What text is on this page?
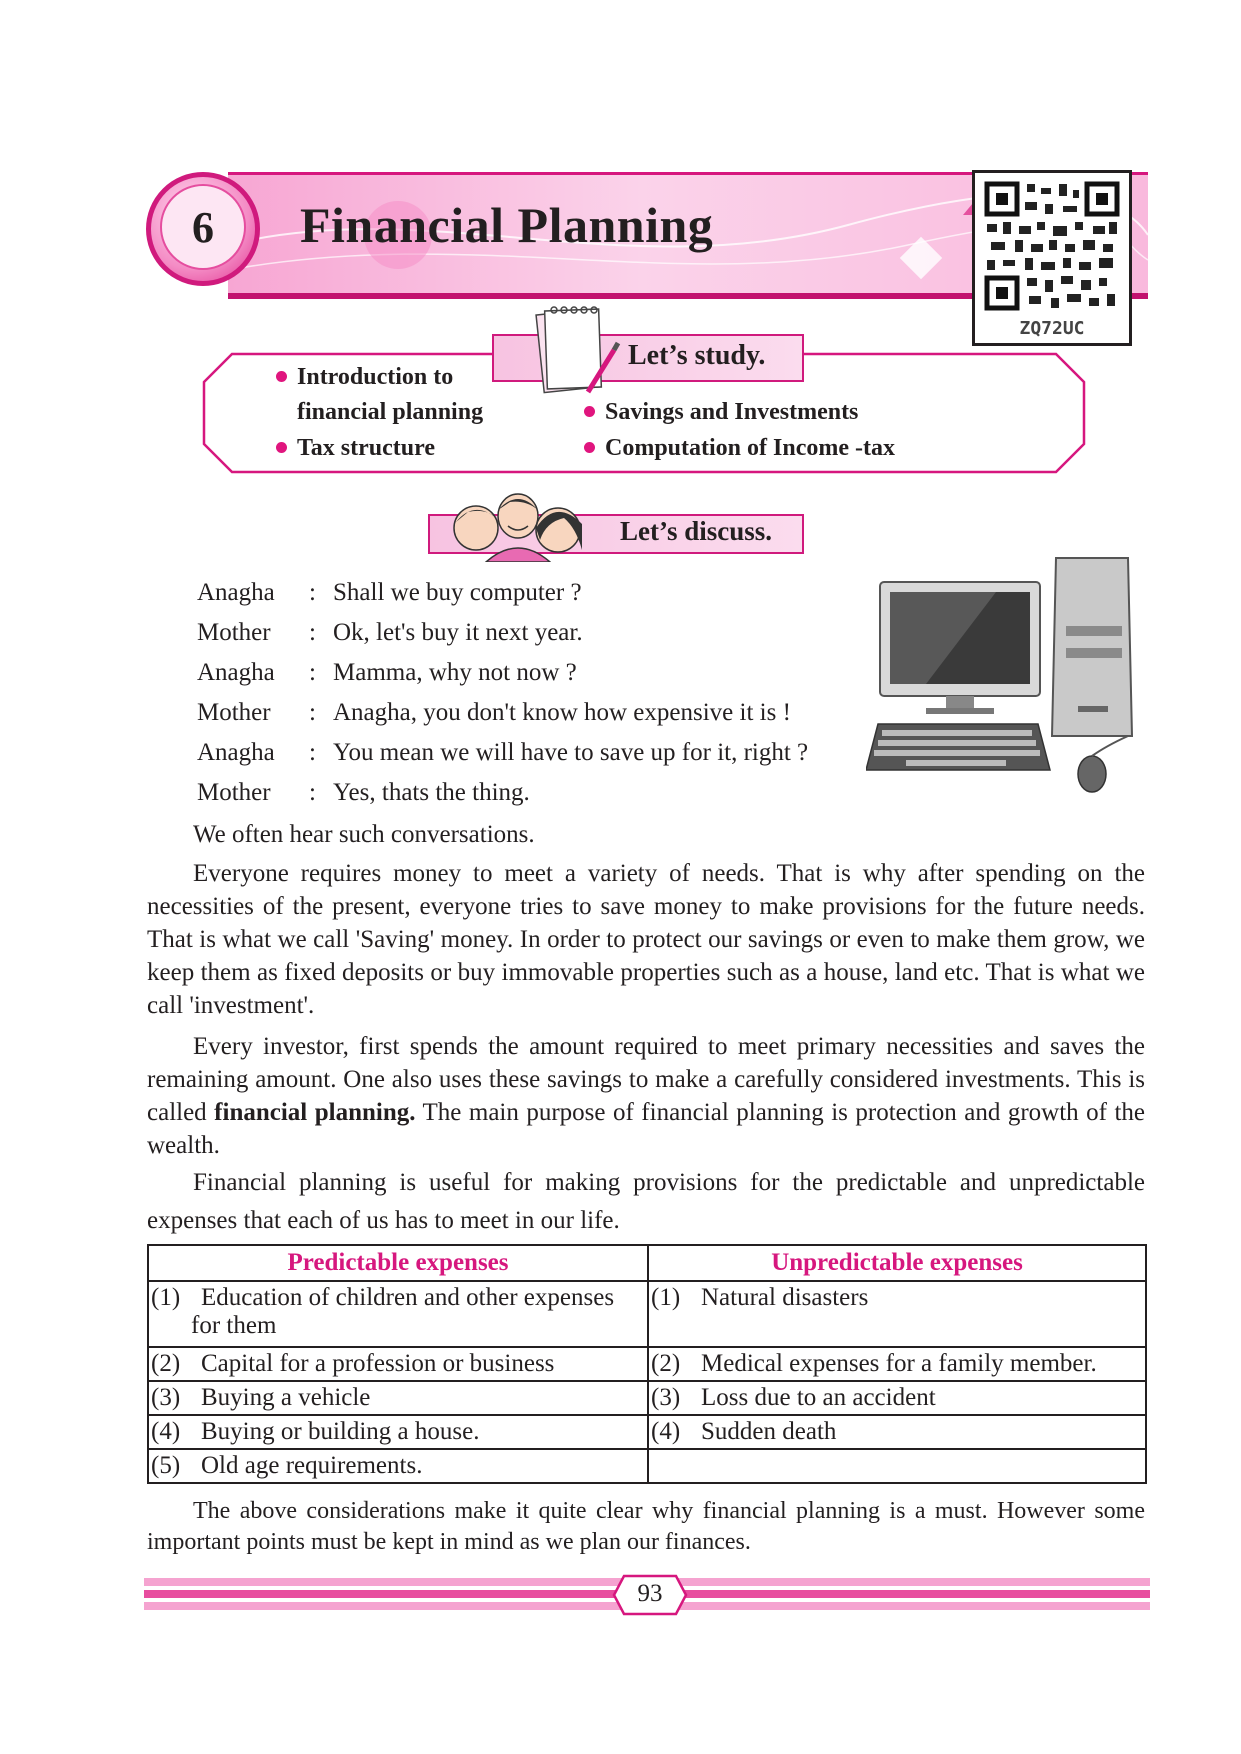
6	Financial Planning
ZQ72UC
Let’s study.
Introduction to
financial planning
Tax structure
Savings and Investments
Computation of Income -tax
Let’s discuss.
Anagha : Shall we buy computer ?
Mother : Ok, let's buy it next year.
Anagha : Mamma, why not now ?
Mother : Anagha, you don't know how expensive it is !
Anagha : You mean we will have to save up for it, right ?
Mother : Yes, thats the thing.
We often hear such conversations.
Everyone requires money to meet a variety of needs. That is why after spending on the necessities of the present, everyone tries to save money to make provisions for the future needs. That is what we call 'Saving' money. In order to protect our savings or even to make them grow, we keep them as fixed deposits or buy immovable properties such as a house, land etc. That is what we call 'investment'.
Every investor, first spends the amount required to meet primary necessities and saves the remaining amount. One also uses these savings to make a carefully considered investments. This is called financial planning. The main purpose of financial planning is protection and growth of the wealth.
Financial planning is useful for making provisions for the predictable and unpredictable expenses that each of us has to meet in our life.
Predictable expenses	Unpredictable expenses
(1) Education of children and other expenses for them	(1) Natural disasters
(2) Capital for a profession or business	(2) Medical expenses for a family member.
(3) Buying a vehicle	(3) Loss due to an accident
(4) Buying or building a house.	(4) Sudden death
(5) Old age requirements.	
The above considerations make it quite clear why financial planning is a must. However some important points must be kept in mind as we plan our finances.
93
